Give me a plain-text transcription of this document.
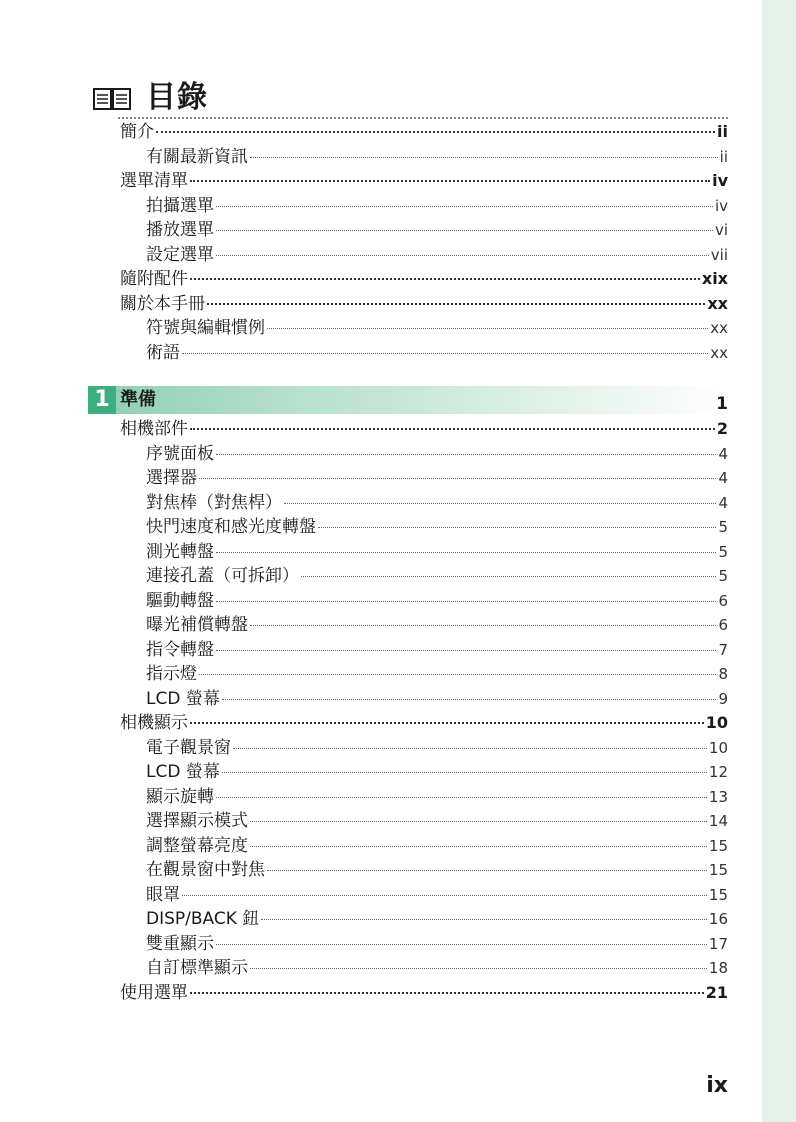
目錄
簡介	ii
有關最新資訊	ii
選單清單	iv
拍攝選單	iv
播放選單	vi
設定選單	vii
隨附配件	xix
關於本手冊	xx
符號與編輯慣例	xx
術語	xx
1 準備	1
相機部件	2
序號面板	4
選擇器	4
對焦棒（對焦桿）	4
快門速度和感光度轉盤	5
測光轉盤	5
連接孔蓋（可拆卸）	5
驅動轉盤	6
曝光補償轉盤	6
指令轉盤	7
指示燈	8
LCD 螢幕	9
相機顯示	10
電子觀景窗	10
LCD 螢幕	12
顯示旋轉	13
選擇顯示模式	14
調整螢幕亮度	15
在觀景窗中對焦	15
眼罩	15
DISP/BACK 鈕	16
雙重顯示	17
自訂標準顯示	18
使用選單	21
ix
